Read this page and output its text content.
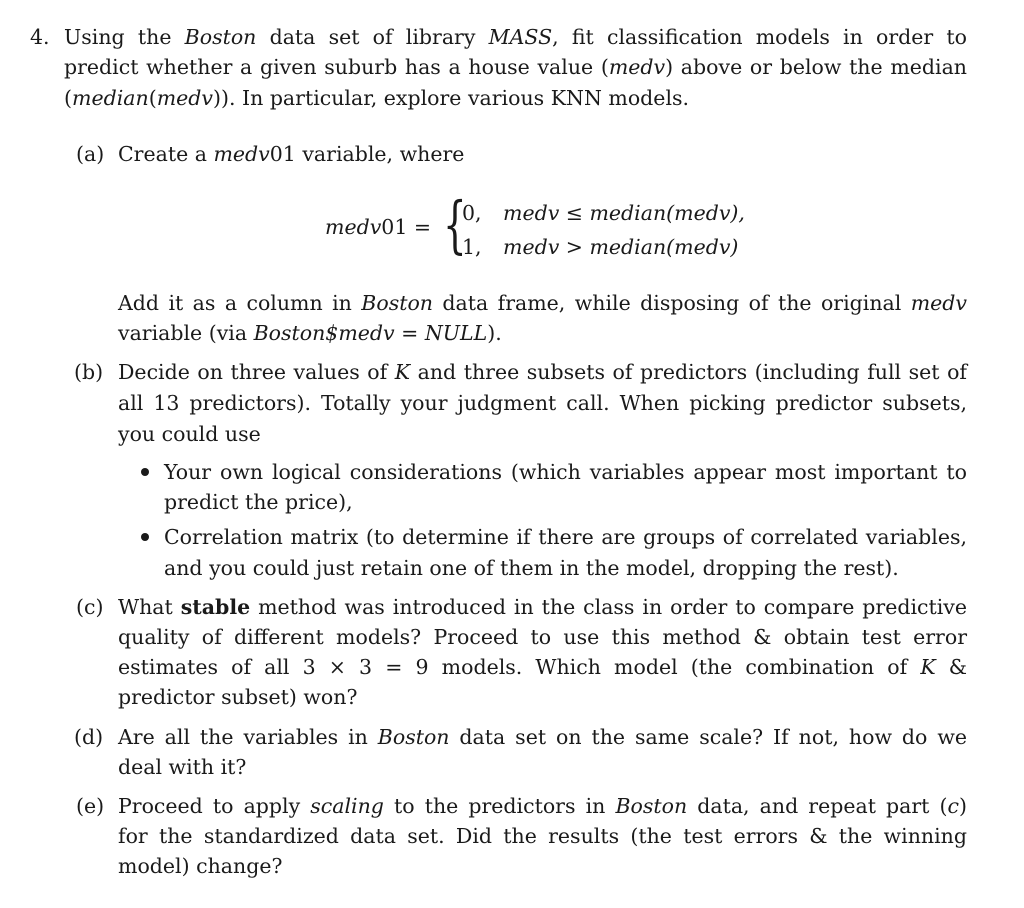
4. Using the Boston data set of library MASS, fit classification models in order to
predict whether a given suburb has a house value (medv) above or below the median
(median(medv)). In particular, explore various KNN models.
(a) Create a medv01 variable, where
medv01 = {
0, medv ≤ median(medv),
1, medv > median(medv)
Add it as a column in Boston data frame, while disposing of the original medv
variable (via Boston$medv = NULL).
(b) Decide on three values of K and three subsets of predictors (including full set of
all 13 predictors). Totally your judgment call. When picking predictor subsets,
you could use
Your own logical considerations (which variables appear most important to
predict the price),
Correlation matrix (to determine if there are groups of correlated variables,
and you could just retain one of them in the model, dropping the rest).
(c) What stable method was introduced in the class in order to compare predictive
quality of different models? Proceed to use this method & obtain test error
estimates of all 3 × 3 = 9 models. Which model (the combination of K &
predictor subset) won?
(d) Are all the variables in Boston data set on the same scale? If not, how do we
deal with it?
(e) Proceed to apply scaling to the predictors in Boston data, and repeat part (c)
for the standardized data set. Did the results (the test errors & the winning
model) change?
